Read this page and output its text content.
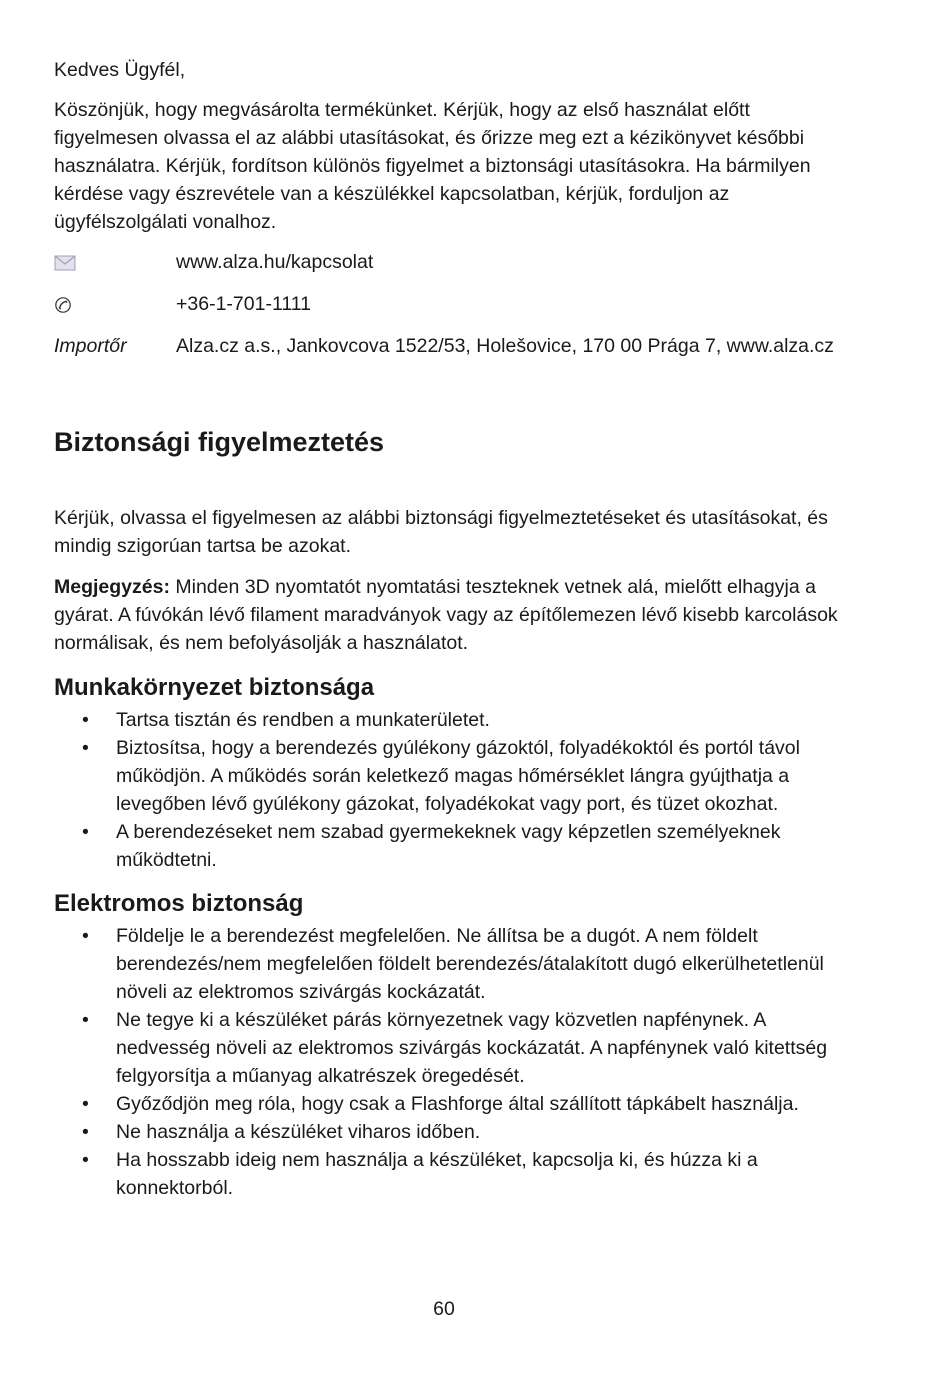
Kedves Ügyfél,

Köszönjük, hogy megvásárolta termékünket. Kérjük, hogy az első használat előtt figyelmesen olvassa el az alábbi utasításokat, és őrizze meg ezt a kézikönyvet későbbi használatra. Kérjük, fordítson különös figyelmet a biztonsági utasításokra. Ha bármilyen kérdése vagy észrevétele van a készülékkel kapcsolatban, kérjük, forduljon az ügyfélszolgálati vonalhoz.

www.alza.hu/kapcsolat
+36-1-701-1111
Importőr	Alza.cz a.s., Jankovcova 1522/53, Holešovice, 170 00 Prága 7, www.alza.cz
Biztonsági figyelmeztetés

Kérjük, olvassa el figyelmesen az alábbi biztonsági figyelmeztetéseket és utasításokat, és mindig szigorúan tartsa be azokat.

Megjegyzés: Minden 3D nyomtatót nyomtatási teszteknek vetnek alá, mielőtt elhagyja a gyárat. A fúvókán lévő filament maradványok vagy az építőlemezen lévő kisebb karcolások normálisak, és nem befolyásolják a használatot.

Munkakörnyezet biztonsága
• Tartsa tisztán és rendben a munkaterületet.
• Biztosítsa, hogy a berendezés gyúlékony gázoktól, folyadékoktól és portól távol működjön. A működés során keletkező magas hőmérséklet lángra gyújthatja a levegőben lévő gyúlékony gázokat, folyadékokat vagy port, és tüzet okozhat.
• A berendezéseket nem szabad gyermekeknek vagy képzetlen személyeknek működtetni.
Elektromos biztonság
• Földelje le a berendezést megfelelően. Ne állítsa be a dugót. A nem földelt berendezés/nem megfelelően földelt berendezés/átalakított dugó elkerülhetetlenül növeli az elektromos szivárgás kockázatát.
• Ne tegye ki a készüléket párás környezetnek vagy közvetlen napfénynek. A nedvesség növeli az elektromos szivárgás kockázatát. A napfénynek való kitettség felgyorsítja a műanyag alkatrészek öregedését.
• Győződjön meg róla, hogy csak a Flashforge által szállított tápkábelt használja.
• Ne használja a készüléket viharos időben.
• Ha hosszabb ideig nem használja a készüléket, kapcsolja ki, és húzza ki a konnektorból.
60
